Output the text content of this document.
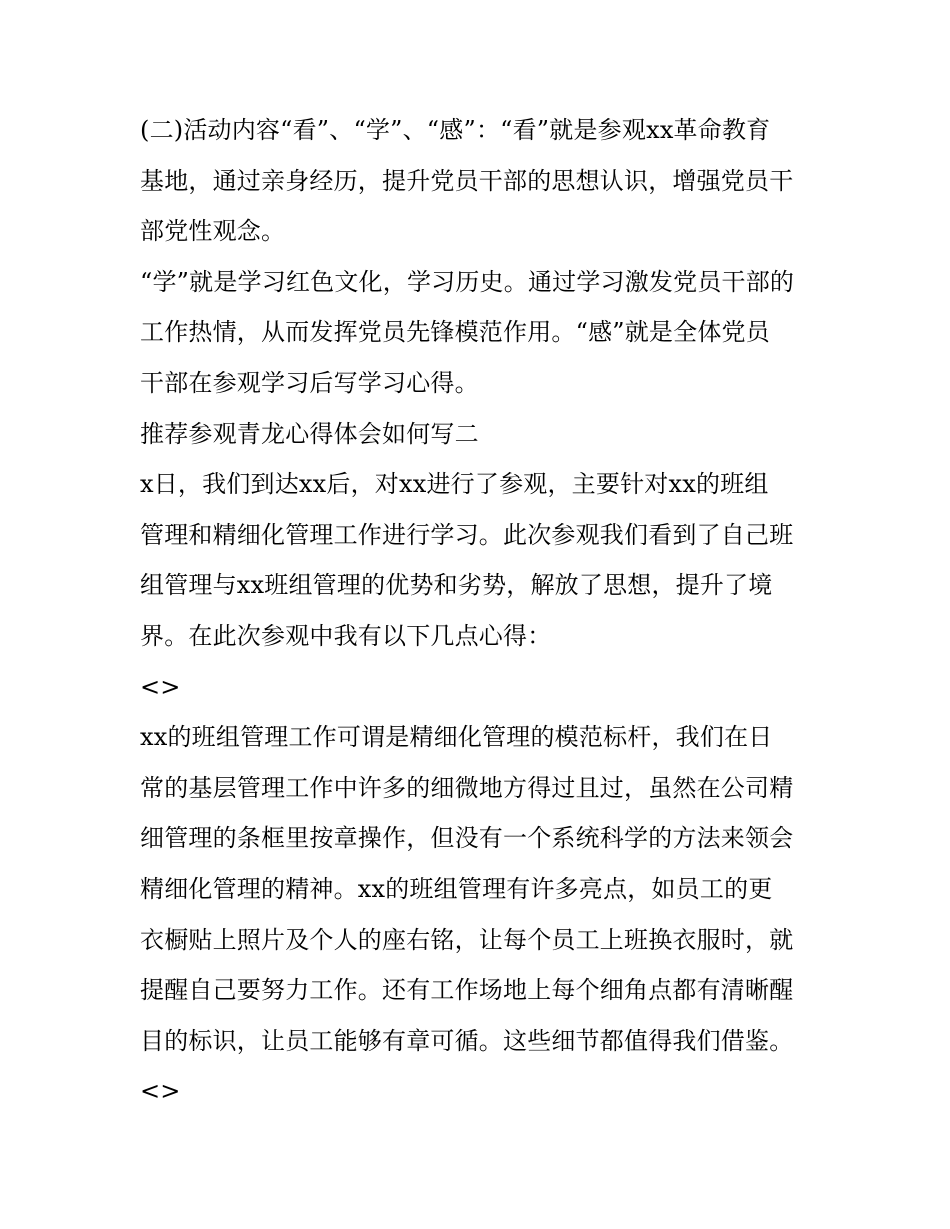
(二)活动内容“看”、“学”、“感”：“看”就是参观xx革命教育
基地，通过亲身经历，提升党员干部的思想认识，增强党员干
部党性观念。
“学”就是学习红色文化，学习历史。通过学习激发党员干部的
工作热情，从而发挥党员先锋模范作用。“感”就是全体党员
干部在参观学习后写学习心得。
推荐参观青龙心得体会如何写二
x日，我们到达xx后，对xx进行了参观，主要针对xx的班组
管理和精细化管理工作进行学习。此次参观我们看到了自己班
组管理与xx班组管理的优势和劣势，解放了思想，提升了境
界。在此次参观中我有以下几点心得：
<>
xx的班组管理工作可谓是精细化管理的模范标杆，我们在日
常的基层管理工作中许多的细微地方得过且过，虽然在公司精
细管理的条框里按章操作，但没有一个系统科学的方法来领会
精细化管理的精神。xx的班组管理有许多亮点，如员工的更
衣橱贴上照片及个人的座右铭，让每个员工上班换衣服时，就
提醒自己要努力工作。还有工作场地上每个细角点都有清晰醒
目的标识，让员工能够有章可循。这些细节都值得我们借鉴。
<>
